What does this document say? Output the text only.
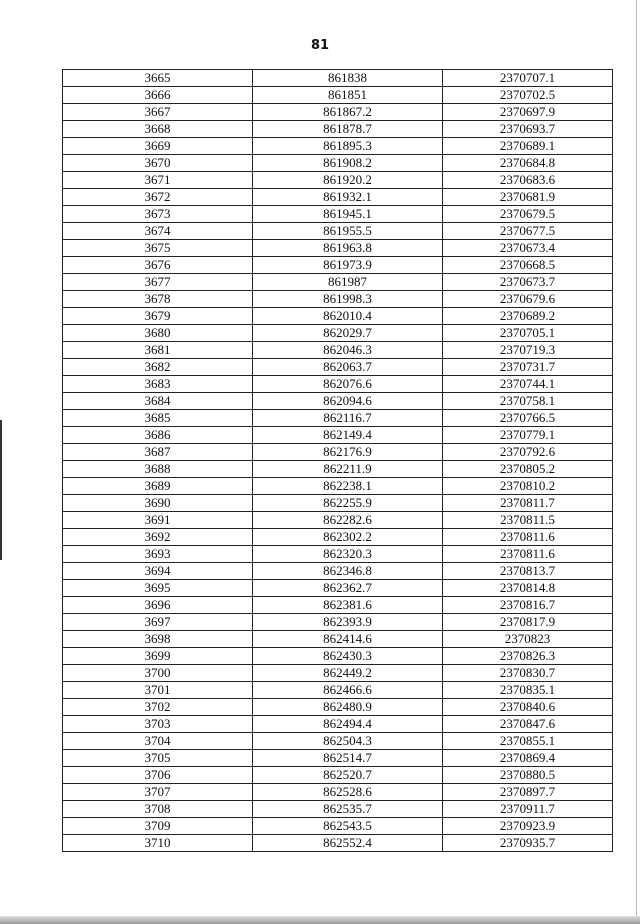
81
3665	861838	2370707.1
3666	861851	2370702.5
3667	861867.2	2370697.9
3668	861878.7	2370693.7
3669	861895.3	2370689.1
3670	861908.2	2370684.8
3671	861920.2	2370683.6
3672	861932.1	2370681.9
3673	861945.1	2370679.5
3674	861955.5	2370677.5
3675	861963.8	2370673.4
3676	861973.9	2370668.5
3677	861987	2370673.7
3678	861998.3	2370679.6
3679	862010.4	2370689.2
3680	862029.7	2370705.1
3681	862046.3	2370719.3
3682	862063.7	2370731.7
3683	862076.6	2370744.1
3684	862094.6	2370758.1
3685	862116.7	2370766.5
3686	862149.4	2370779.1
3687	862176.9	2370792.6
3688	862211.9	2370805.2
3689	862238.1	2370810.2
3690	862255.9	2370811.7
3691	862282.6	2370811.5
3692	862302.2	2370811.6
3693	862320.3	2370811.6
3694	862346.8	2370813.7
3695	862362.7	2370814.8
3696	862381.6	2370816.7
3697	862393.9	2370817.9
3698	862414.6	2370823
3699	862430.3	2370826.3
3700	862449.2	2370830.7
3701	862466.6	2370835.1
3702	862480.9	2370840.6
3703	862494.4	2370847.6
3704	862504.3	2370855.1
3705	862514.7	2370869.4
3706	862520.7	2370880.5
3707	862528.6	2370897.7
3708	862535.7	2370911.7
3709	862543.5	2370923.9
3710	862552.4	2370935.7
